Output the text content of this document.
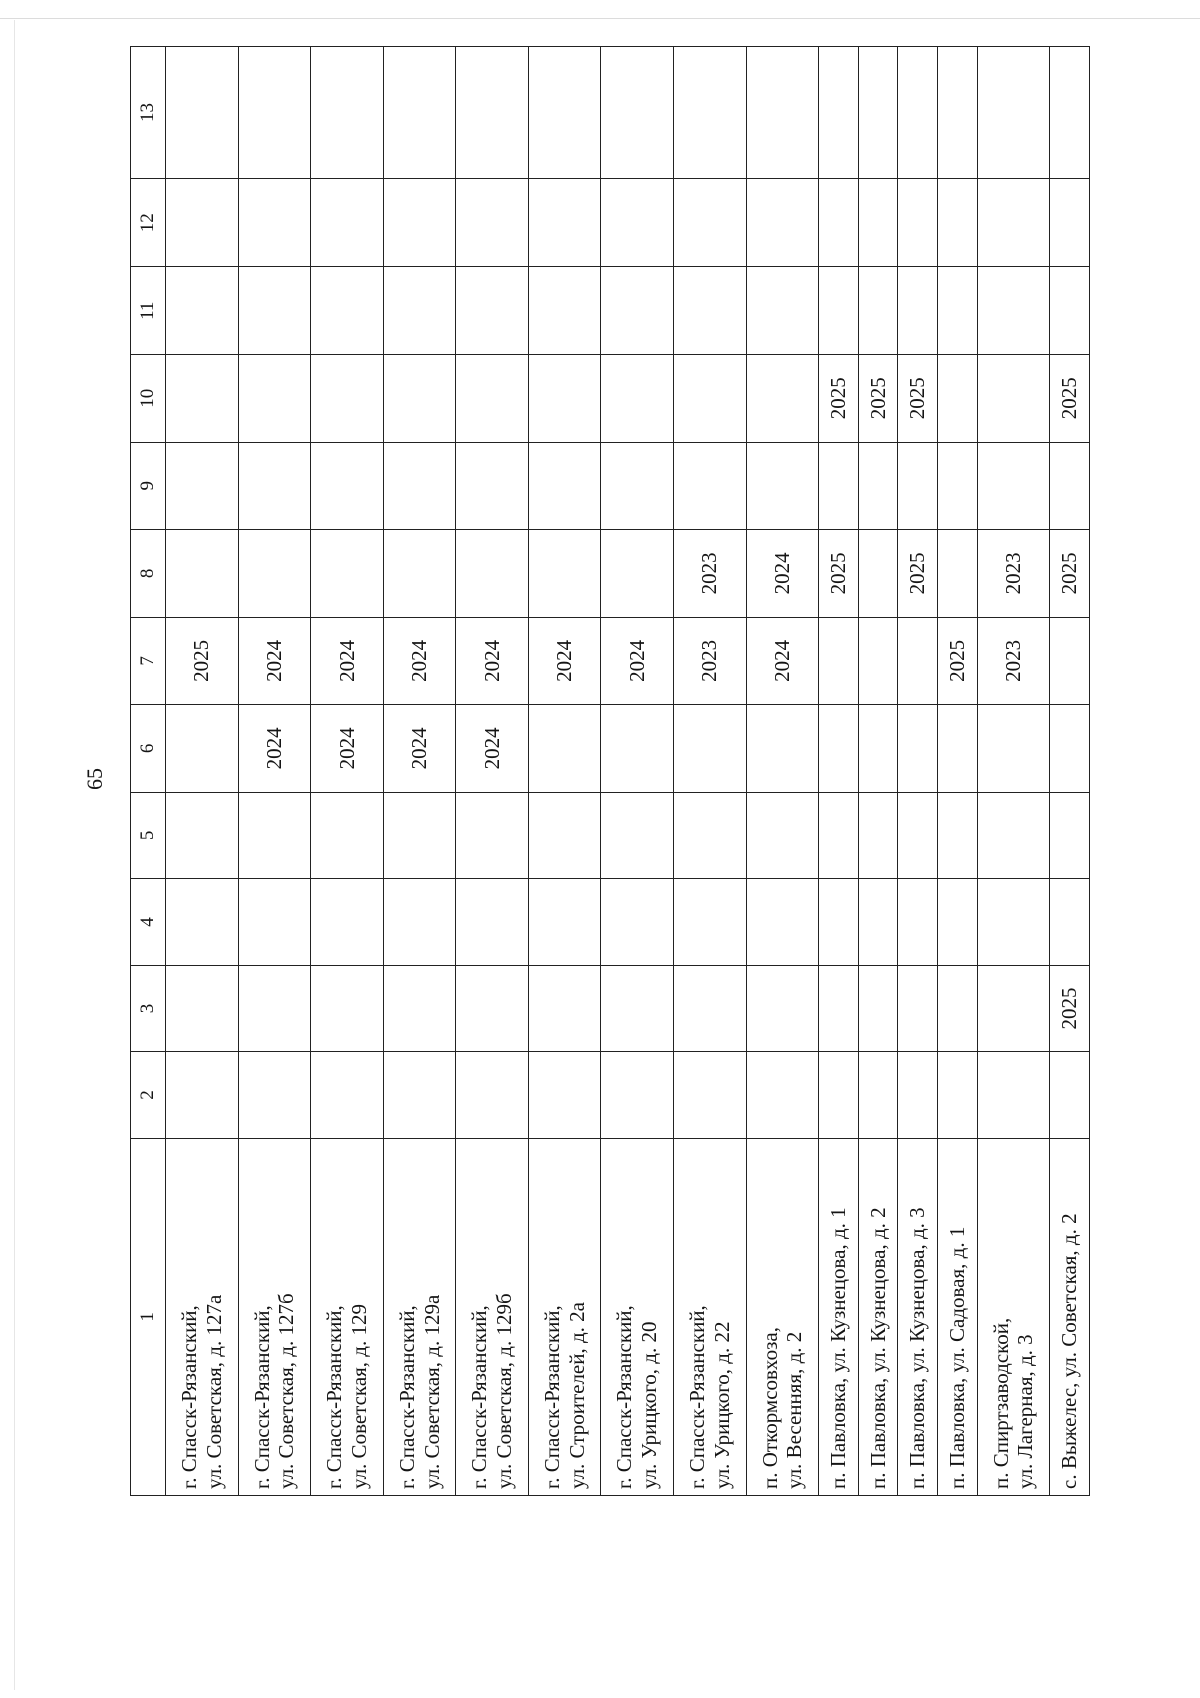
65
1	2	3	4	5	6	7	8	9	10	11	12	13
г. Спасск-Рязанский,
ул. Советская, д. 127а						2025						
г. Спасск-Рязанский,
ул. Советская, д. 127б					2024	2024						
г. Спасск-Рязанский,
ул. Советская, д. 129					2024	2024						
г. Спасск-Рязанский,
ул. Советская, д. 129а					2024	2024						
г. Спасск-Рязанский,
ул. Советская, д. 129б					2024	2024						
г. Спасск-Рязанский,
ул. Строителей, д. 2а						2024						
г. Спасск-Рязанский,
ул. Урицкого, д. 20						2024						
г. Спасск-Рязанский,
ул. Урицкого, д. 22						2023	2023					
п. Откормсовхоза,
ул. Весенняя, д. 2						2024	2024					
п. Павловка, ул. Кузнецова, д. 1							2025		2025			
п. Павловка, ул. Кузнецова, д. 2									2025			
п. Павловка, ул. Кузнецова, д. 3							2025		2025			
п. Павловка, ул. Садовая, д. 1						2025						
п. Спиртзаводской,
ул. Лагерная, д. 3						2023	2023					
с. Выжелес, ул. Советская, д. 2		2025					2025		2025			
